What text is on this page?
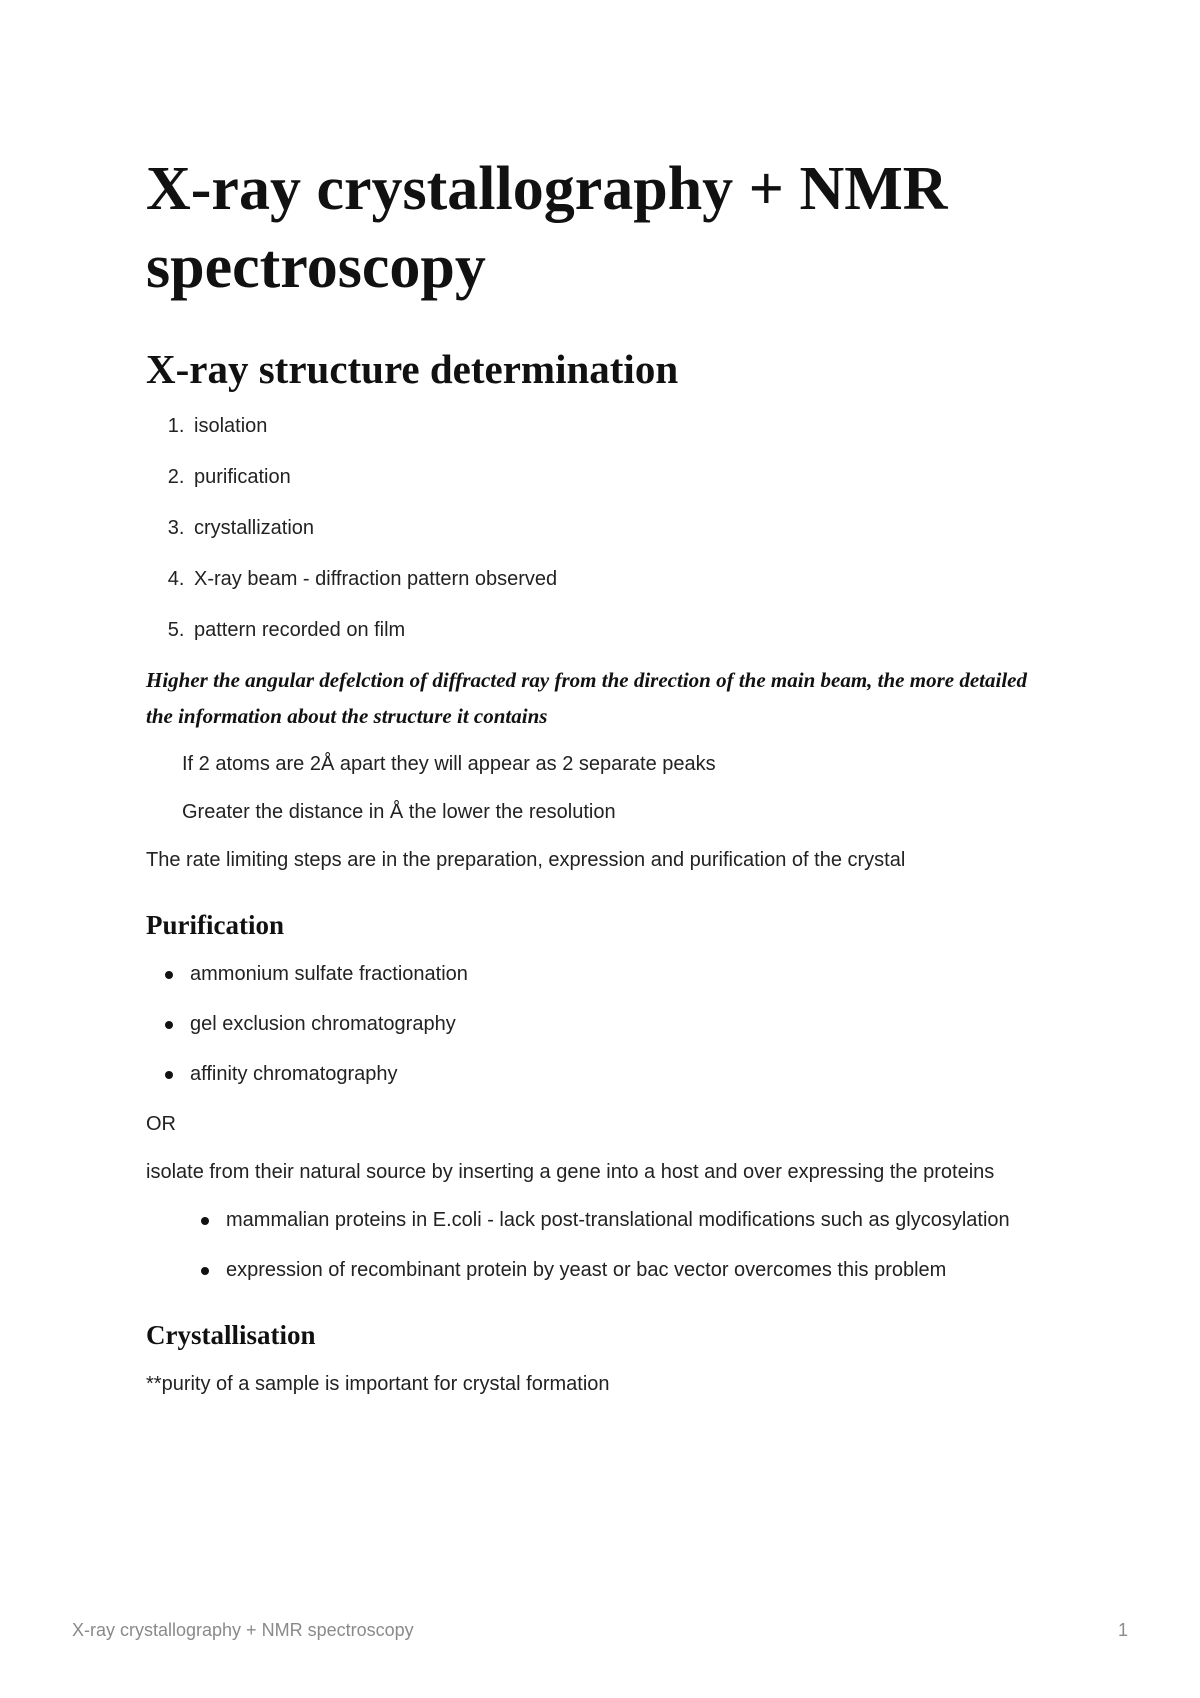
X-ray crystallography + NMR spectroscopy
X-ray structure determination
1. isolation
2. purification
3. crystallization
4. X-ray beam - diffraction pattern observed
5. pattern recorded on film

Higher the angular defelction of diffracted ray from the direction of the main beam, the more detailed the information about the structure it contains

If 2 atoms are 2Å apart they will appear as 2 separate peaks

Greater the distance in Å the lower the resolution

The rate limiting steps are in the preparation, expression and purification of the crystal

Purification
ammonium sulfate fractionation
gel exclusion chromatography
affinity chromatography

OR

isolate from their natural source by inserting a gene into a host and over expressing the proteins

mammalian proteins in E.coli - lack post-translational modifications such as glycosylation
expression of recombinant protein by yeast or bac vector overcomes this problem
Crystallisation

**purity of a sample is important for crystal formation

X-ray crystallography + NMR spectroscopy	1
